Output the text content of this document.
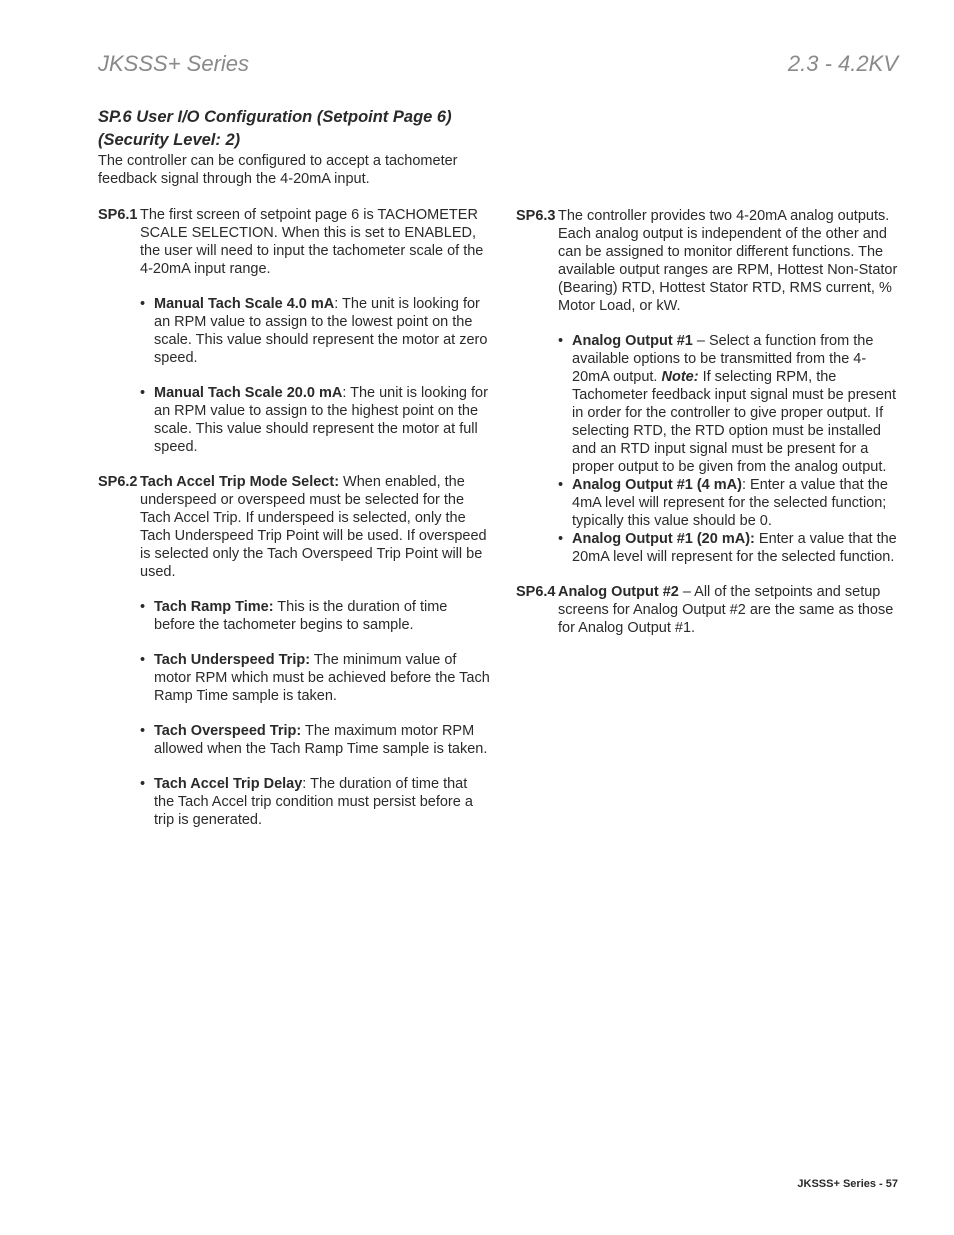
JKSSS+ Series	2.3 - 4.2KV
SP.6 User I/O Configuration (Setpoint Page 6)
(Security Level: 2)

The controller can be configured to accept a tachometer feedback signal through the 4-20mA input.

SP6.1 The first screen of setpoint page 6 is TACHOMETER SCALE SELECTION. When this is set to ENABLED, the user will need to input the tachometer scale of the 4-20mA input range.

• Manual Tach Scale 4.0 mA: The unit is looking for an RPM value to assign to the lowest point on the scale. This value should represent the motor at zero speed.

• Manual Tach Scale 20.0 mA: The unit is looking for an RPM value to assign to the highest point on the scale. This value should represent the motor at full speed.

SP6.2 Tach Accel Trip Mode Select: When enabled, the underspeed or overspeed must be selected for the Tach Accel Trip. If underspeed is selected, only the Tach Underspeed Trip Point will be used. If overspeed is selected only the Tach Overspeed Trip Point will be used.

• Tach Ramp Time: This is the duration of time before the tachometer begins to sample.

• Tach Underspeed Trip: The minimum value of motor RPM which must be achieved before the Tach Ramp Time sample is taken.

• Tach Overspeed Trip: The maximum motor RPM allowed when the Tach Ramp Time sample is taken.

• Tach Accel Trip Delay: The duration of time that the Tach Accel trip condition must persist before a trip is generated.

SP6.3 The controller provides two 4-20mA analog outputs. Each analog output is independent of the other and can be assigned to monitor different functions. The available output ranges are RPM, Hottest Non-Stator (Bearing) RTD, Hottest Stator RTD, RMS current, % Motor Load, or kW.

• Analog Output #1 – Select a function from the available options to be transmitted from the 4-20mA output. Note: If selecting RPM, the Tachometer feedback input signal must be present in order for the controller to give proper output. If selecting RTD, the RTD option must be installed and an RTD input signal must be present for a proper output to be given from the analog output.

• Analog Output #1 (4 mA): Enter a value that the 4mA level will represent for the selected function; typically this value should be 0.

• Analog Output #1 (20 mA): Enter a value that the 20mA level will represent for the selected function.

SP6.4 Analog Output #2 – All of the setpoints and setup screens for Analog Output #2 are the same as those for Analog Output #1.

JKSSS+ Series - 57
